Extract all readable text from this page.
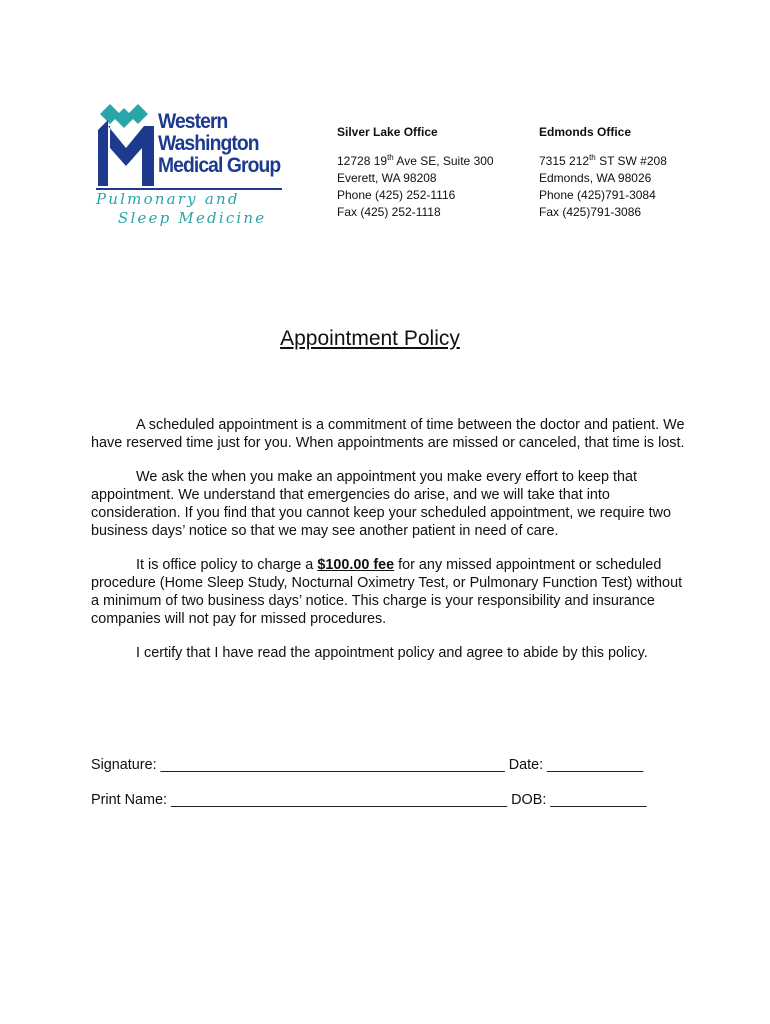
Western
Washington
Medical Group
Pulmonary and
Sleep Medicine
Silver Lake Office
12728 19th Ave SE, Suite 300
Everett, WA 98208
Phone (425) 252-1116
Fax (425) 252-1118
Edmonds Office
7315 212th ST SW #208
Edmonds, WA 98026
Phone (425)791-3084
Fax (425)791-3086
Appointment Policy

A scheduled appointment is a commitment of time between the doctor and patient. We have reserved time just for you. When appointments are missed or canceled, that time is lost.

We ask the when you make an appointment you make every effort to keep that appointment. We understand that emergencies do arise, and we will take that into consideration. If you find that you cannot keep your scheduled appointment, we require two business days’ notice so that we may see another patient in need of care.

It is office policy to charge a $100.00 fee for any missed appointment or scheduled procedure (Home Sleep Study, Nocturnal Oximetry Test, or Pulmonary Function Test) without a minimum of two business days’ notice. This charge is your responsibility and insurance companies will not pay for missed procedures.

I certify that I have read the appointment policy and agree to abide by this policy.

Signature: ___________________________________________ Date: ____________
Print Name: __________________________________________ DOB: ____________
